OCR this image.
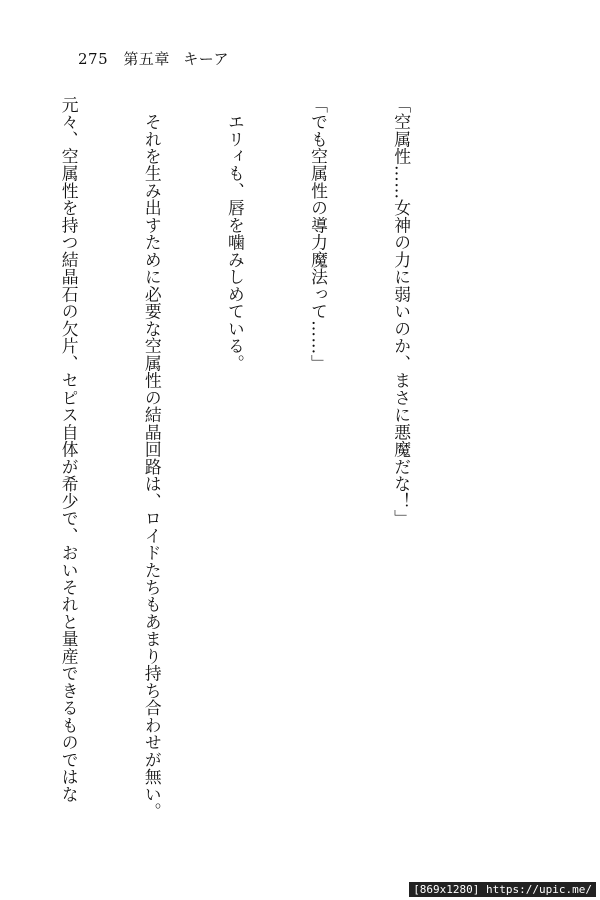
275 第五章 キーア

「空属性……女神の力に弱いのか、まさに悪魔だな！」

「でも空属性の導力魔法って……」

　エリィも、唇を噛みしめている。

　それを生み出すために必要な空属性の結晶回路は、ロイドたちもあまり持ち合わせが無い。

元々、空属性を持つ結晶石の欠片、セピス自体が希少で、おいそれと量産できるものではな

[869x1280] https://upic.me/
